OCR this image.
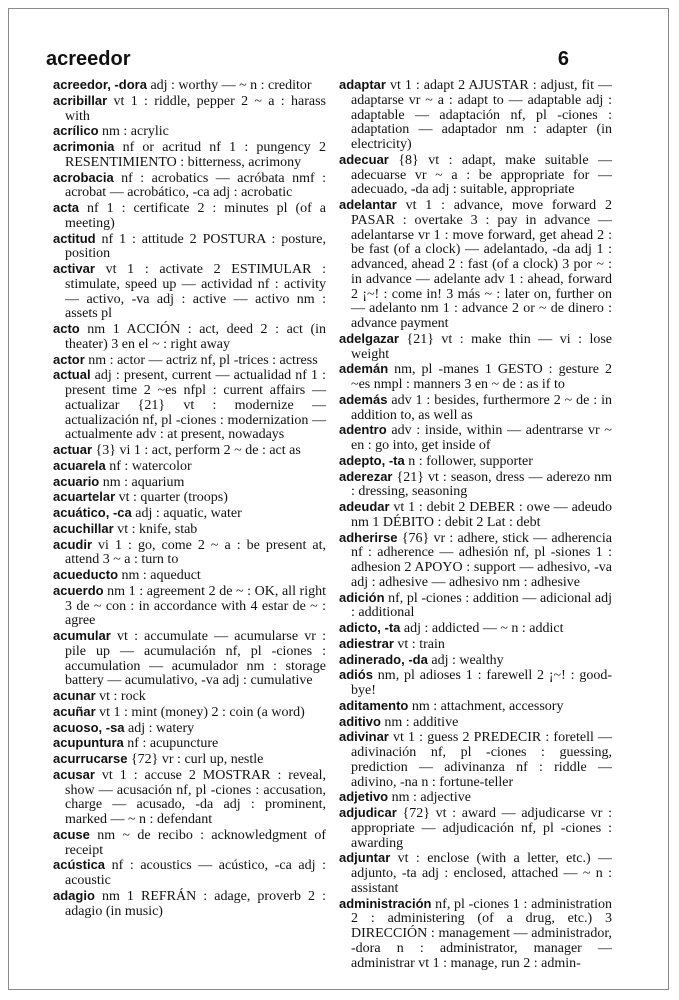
acreedor	6

acreedor, -dora adj : worthy — ~ n : creditor

acribillar vt 1 : riddle, pepper 2 ~ a : harass with

acrílico nm : acrylic

acrimonia nf or acritud nf 1 : pungency 2 RESENTIMIENTO : bitterness, acrimony

acrobacia nf : acrobatics — acróbata nmf : acrobat — acrobático, -ca adj : acrobatic

acta nf 1 : certificate 2 : minutes pl (of a meeting)

actitud nf 1 : attitude 2 POSTURA : posture, position

activar vt 1 : activate 2 ESTIMULAR : stimulate, speed up — actividad nf : activity — activo, -va adj : active — activo nm : assets pl

acto nm 1 ACCIÓN : act, deed 2 : act (in theater) 3 en el ~ : right away

actor nm : actor — actriz nf, pl -trices : actress

actual adj : present, current — actualidad nf 1 : present time 2 ~es nfpl : current affairs — actualizar {21} vt : modernize — actualización nf, pl -ciones : modernization — actualmente adv : at present, nowadays

actuar {3} vi 1 : act, perform 2 ~ de : act as

acuarela nf : watercolor

acuario nm : aquarium

acuartelar vt : quarter (troops)

acuático, -ca adj : aquatic, water

acuchillar vt : knife, stab

acudir vi 1 : go, come 2 ~ a : be present at, attend 3 ~ a : turn to

acueducto nm : aqueduct

acuerdo nm 1 : agreement 2 de ~ : OK, all right 3 de ~ con : in accordance with 4 estar de ~ : agree

acumular vt : accumulate — acumularse vr : pile up — acumulación nf, pl -ciones : accumulation — acumulador nm : storage battery — acumulativo, -va adj : cumulative

acunar vt : rock

acuñar vt 1 : mint (money) 2 : coin (a word)

acuoso, -sa adj : watery

acupuntura nf : acupuncture

acurrucarse {72} vr : curl up, nestle

acusar vt 1 : accuse 2 MOSTRAR : reveal, show — acusación nf, pl -ciones : accusation, charge — acusado, -da adj : prominent, marked — ~ n : defendant

acuse nm ~ de recibo : acknowledgment of receipt

acústica nf : acoustics — acústico, -ca adj : acoustic

adagio nm 1 REFRÁN : adage, proverb 2 : adagio (in music)

adaptar vt 1 : adapt 2 AJUSTAR : adjust, fit — adaptarse vr ~ a : adapt to — adaptable adj : adaptable — adaptación nf, pl -ciones : adaptation — adaptador nm : adapter (in electricity)

adecuar {8} vt : adapt, make suitable — adecuarse vr ~ a : be appropriate for — adecuado, -da adj : suitable, appropriate

adelantar vt 1 : advance, move forward 2 PASAR : overtake 3 : pay in advance — adelantarse vr 1 : move forward, get ahead 2 : be fast (of a clock) — adelantado, -da adj 1 : advanced, ahead 2 : fast (of a clock) 3 por ~ : in advance — adelante adv 1 : ahead, forward 2 ¡~! : come in! 3 más ~ : later on, further on — adelanto nm 1 : advance 2 or ~ de dinero : advance payment

adelgazar {21} vt : make thin — vi : lose weight

ademán nm, pl -manes 1 GESTO : gesture 2 ~es nmpl : manners 3 en ~ de : as if to

además adv 1 : besides, furthermore 2 ~ de : in addition to, as well as

adentro adv : inside, within — adentrarse vr ~ en : go into, get inside of

adepto, -ta n : follower, supporter

aderezar {21} vt : season, dress — aderezo nm : dressing, seasoning

adeudar vt 1 : debit 2 DEBER : owe — adeudo nm 1 DÉBITO : debit 2 Lat : debt

adherirse {76} vr : adhere, stick — adherencia nf : adherence — adhesión nf, pl -siones 1 : adhesion 2 APOYO : support — adhesivo, -va adj : adhesive — adhesivo nm : adhesive

adición nf, pl -ciones : addition — adicional adj : additional

adicto, -ta adj : addicted — ~ n : addict

adiestrar vt : train

adinerado, -da adj : wealthy

adiós nm, pl adioses 1 : farewell 2 ¡~! : good-bye!

aditamento nm : attachment, accessory

aditivo nm : additive

adivinar vt 1 : guess 2 PREDECIR : foretell — adivinación nf, pl -ciones : guessing, prediction — adivinanza nf : riddle — adivino, -na n : fortune-teller

adjetivo nm : adjective

adjudicar {72} vt : award — adjudicarse vr : appropriate — adjudicación nf, pl -ciones : awarding

adjuntar vt : enclose (with a letter, etc.) — adjunto, -ta adj : enclosed, attached — ~ n : assistant

administración nf, pl -ciones 1 : administration 2 : administering (of a drug, etc.) 3 DIRECCIÓN : management — administrador, -dora n : administrator, manager — administrar vt 1 : manage, run 2 : admin-
